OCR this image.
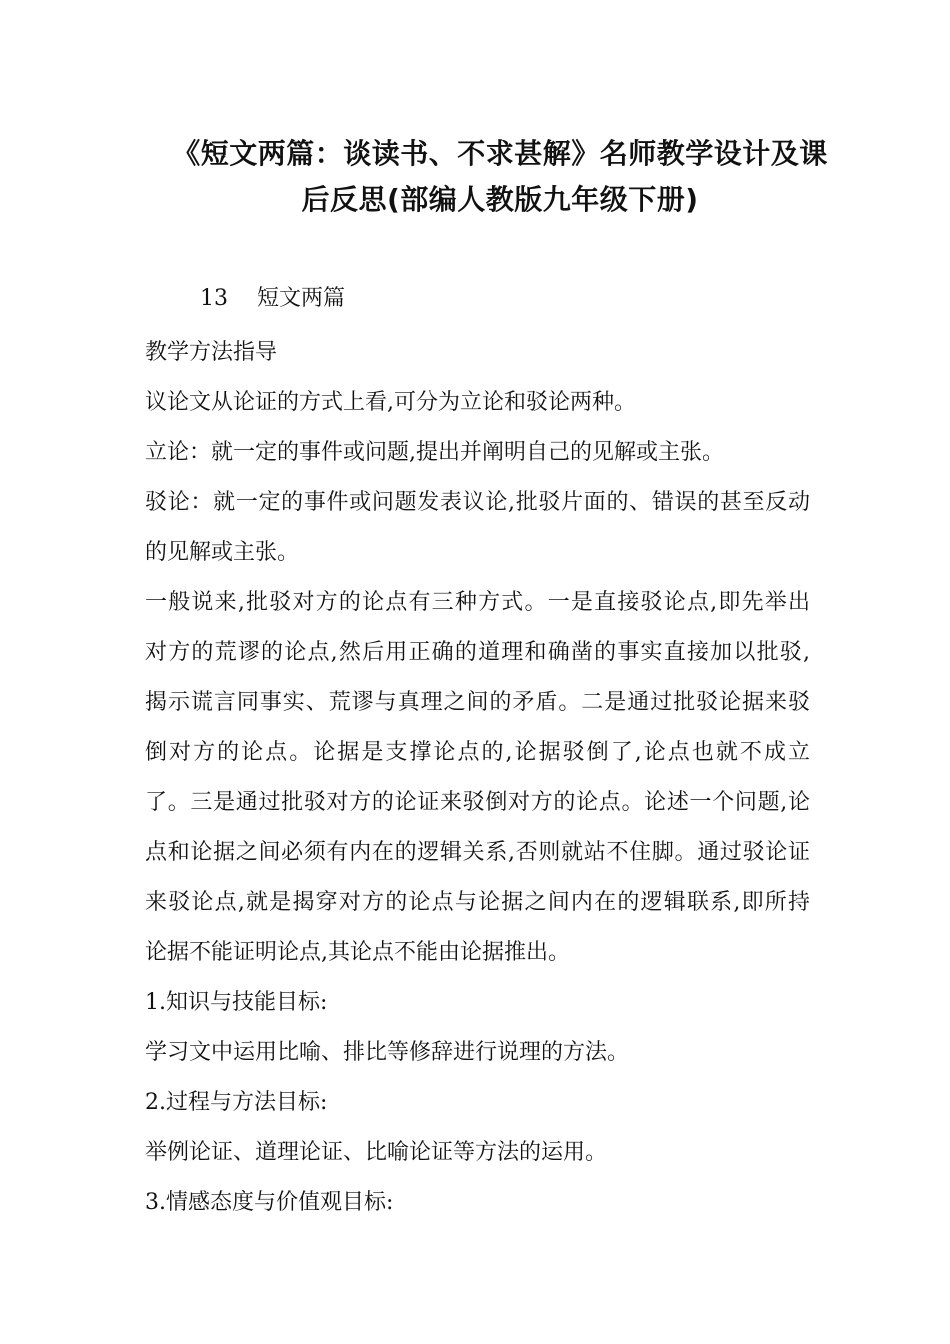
《短文两篇：谈读书、不求甚解》名师教学设计及课
后反思(部编人教版九年级下册)
13 短文两篇
教学方法指导
议论文从论证的方式上看,可分为立论和驳论两种。
立论：就一定的事件或问题,提出并阐明自己的见解或主张。
驳论：就一定的事件或问题发表议论,批驳片面的、错误的甚至反动
的见解或主张。
一般说来,批驳对方的论点有三种方式。一是直接驳论点,即先举出
对方的荒谬的论点,然后用正确的道理和确凿的事实直接加以批驳,
揭示谎言同事实、荒谬与真理之间的矛盾。二是通过批驳论据来驳
倒对方的论点。论据是支撑论点的,论据驳倒了,论点也就不成立
了。三是通过批驳对方的论证来驳倒对方的论点。论述一个问题,论
点和论据之间必须有内在的逻辑关系,否则就站不住脚。通过驳论证
来驳论点,就是揭穿对方的论点与论据之间内在的逻辑联系,即所持
论据不能证明论点,其论点不能由论据推出。
1.知识与技能目标:
学习文中运用比喻、排比等修辞进行说理的方法。
2.过程与方法目标:
举例论证、道理论证、比喻论证等方法的运用。
3.情感态度与价值观目标:
